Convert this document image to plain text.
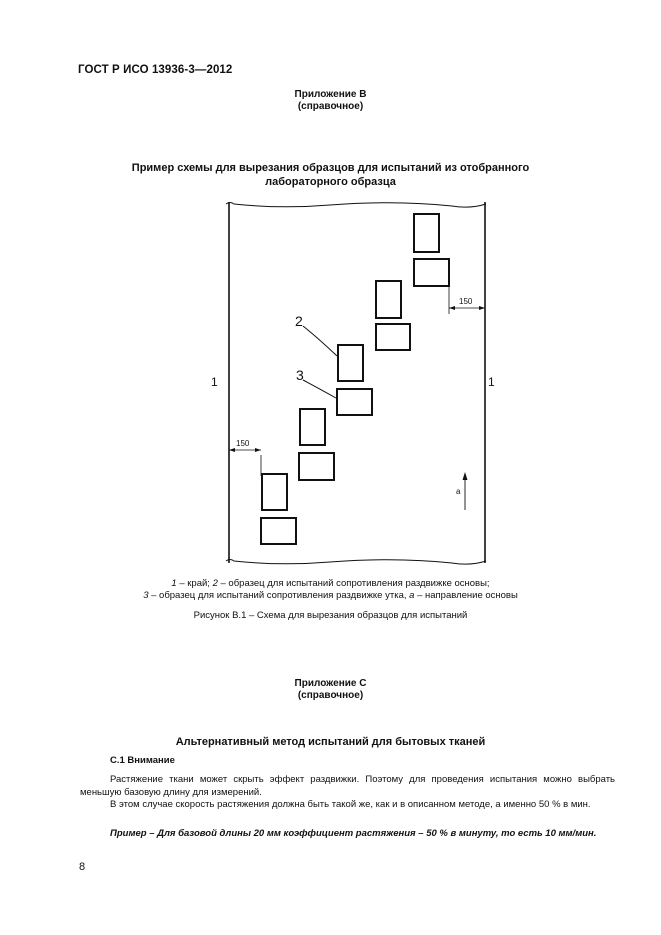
ГОСТ Р ИСО 13936-3—2012
Приложение В
(справочное)
Пример схемы для вырезания образцов для испытаний из отобранного
лабораторного образца
1	1
2
3
150
150
a
1 – край; 2 – образец для испытаний сопротивления раздвижке основы;
3 – образец для испытаний сопротивления раздвижке утка, а – направление основы
Рисунок В.1 – Схема для вырезания образцов для испытаний
Приложение С
(справочное)
Альтернативный метод испытаний для бытовых тканей
С.1 Внимание
Растяжение ткани может скрыть эффект раздвижки. Поэтому для проведения испытания можно выбрать меньшую базовую длину для измерений.
В этом случае скорость растяжения должна быть такой же, как и в описанном методе, а именно 50 % в мин.
Пример – Для базовой длины 20 мм коэффициент растяжения – 50 % в минуту, то есть 10 мм/мин.
8
